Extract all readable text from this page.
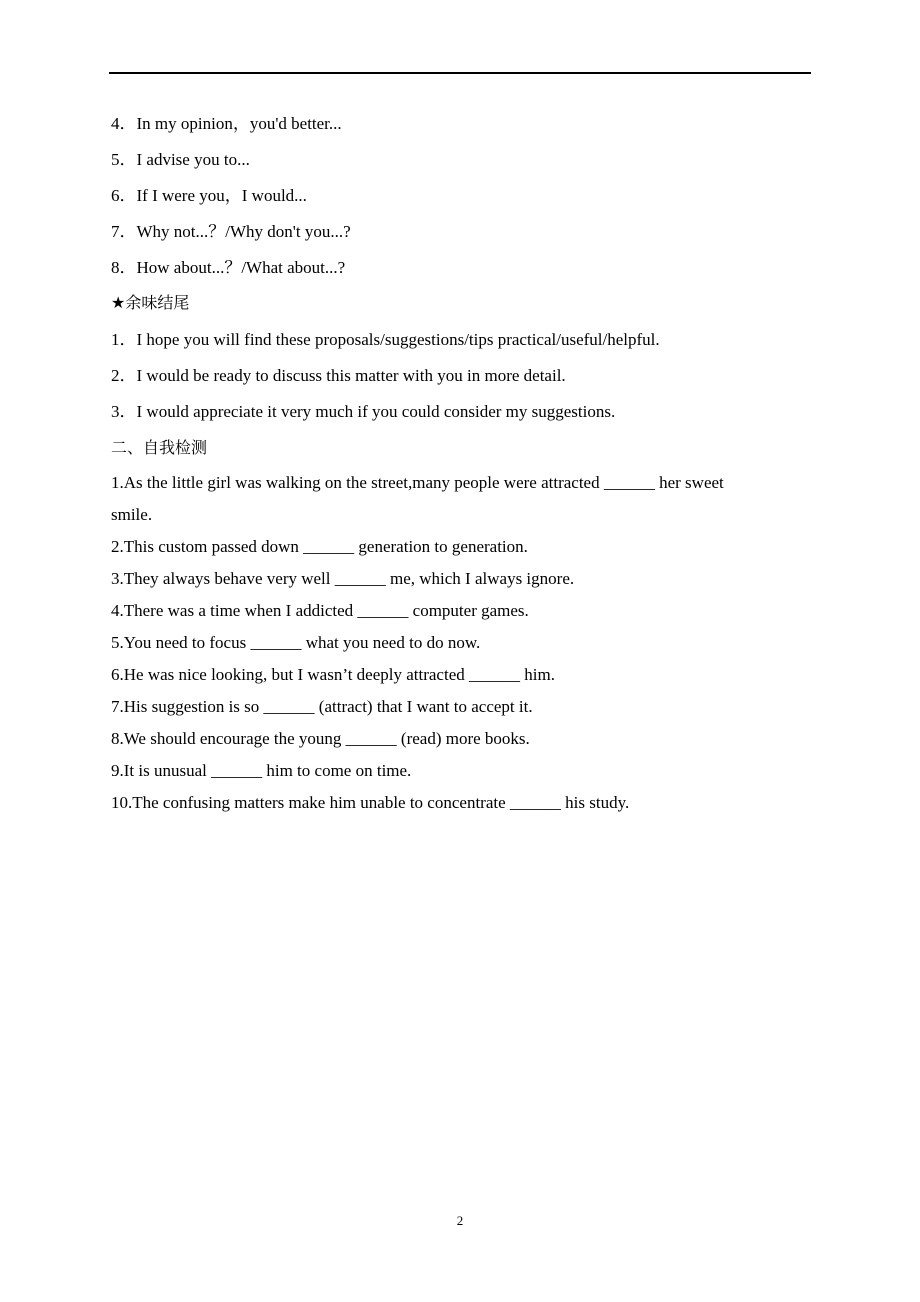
4．In my opinion，you'd better...
5．I advise you to...
6．If I were you，I would...
7．Why not...？/Why don't you...?
8．How about...？/What about...?
★余味结尾
1．I hope you will find these proposals/suggestions/tips practical/useful/helpful.
2．I would be ready to discuss this matter with you in more detail.
3．I would appreciate it very much if you could consider my suggestions.
二、自我检测
1.As the little girl was walking on the street,many people were attracted ______ her sweet
smile.
2.This custom passed down ______ generation to generation.
3.They always behave very well ______ me, which I always ignore.
4.There was a time when I addicted ______ computer games.
5.You need to focus ______ what you need to do now.
6.He was nice looking, but I wasn’t deeply attracted ______ him.
7.His suggestion is so ______ (attract) that I want to accept it.
8.We should encourage the young ______ (read) more books.
9.It is unusual ______ him to come on time.
10.The confusing matters make him unable to concentrate ______ his study.
2
